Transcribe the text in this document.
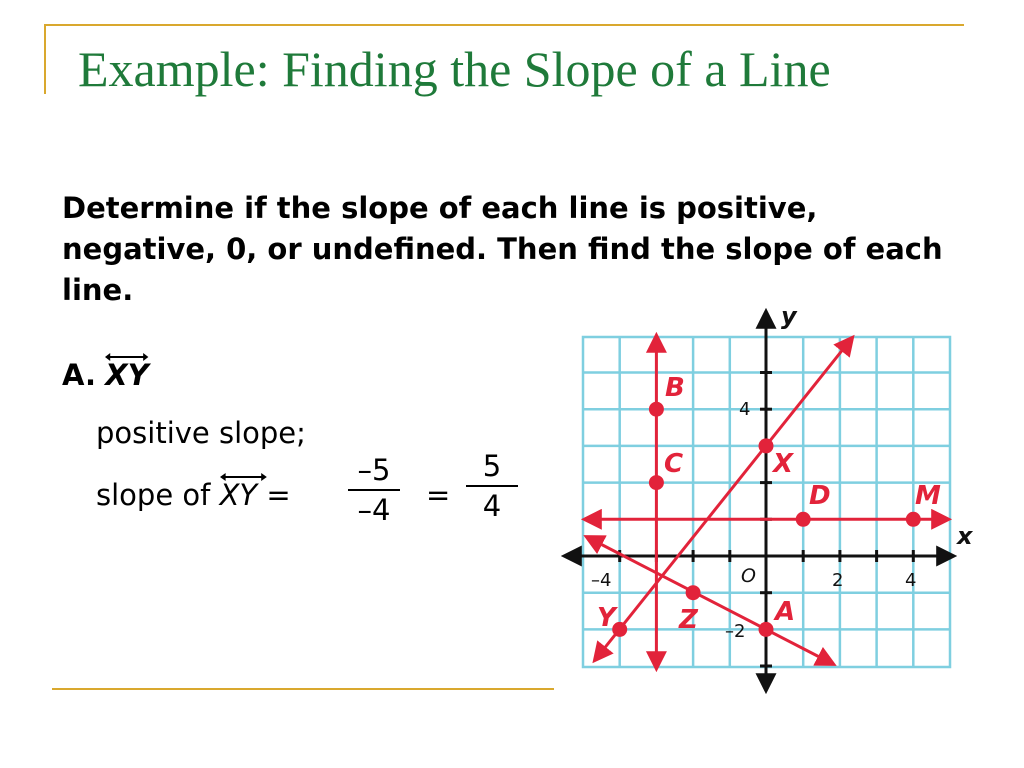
Example: Finding the Slope of a Line
Determine if the slope of each line is positive, negative, 0, or undefined. Then find the slope of each line.
A. XY
positive slope;
slope of XY =
–5
–4	=
5
4
x
y
O
–4	2	4
4
–2
B
C	X
D	M
Y Z	A
